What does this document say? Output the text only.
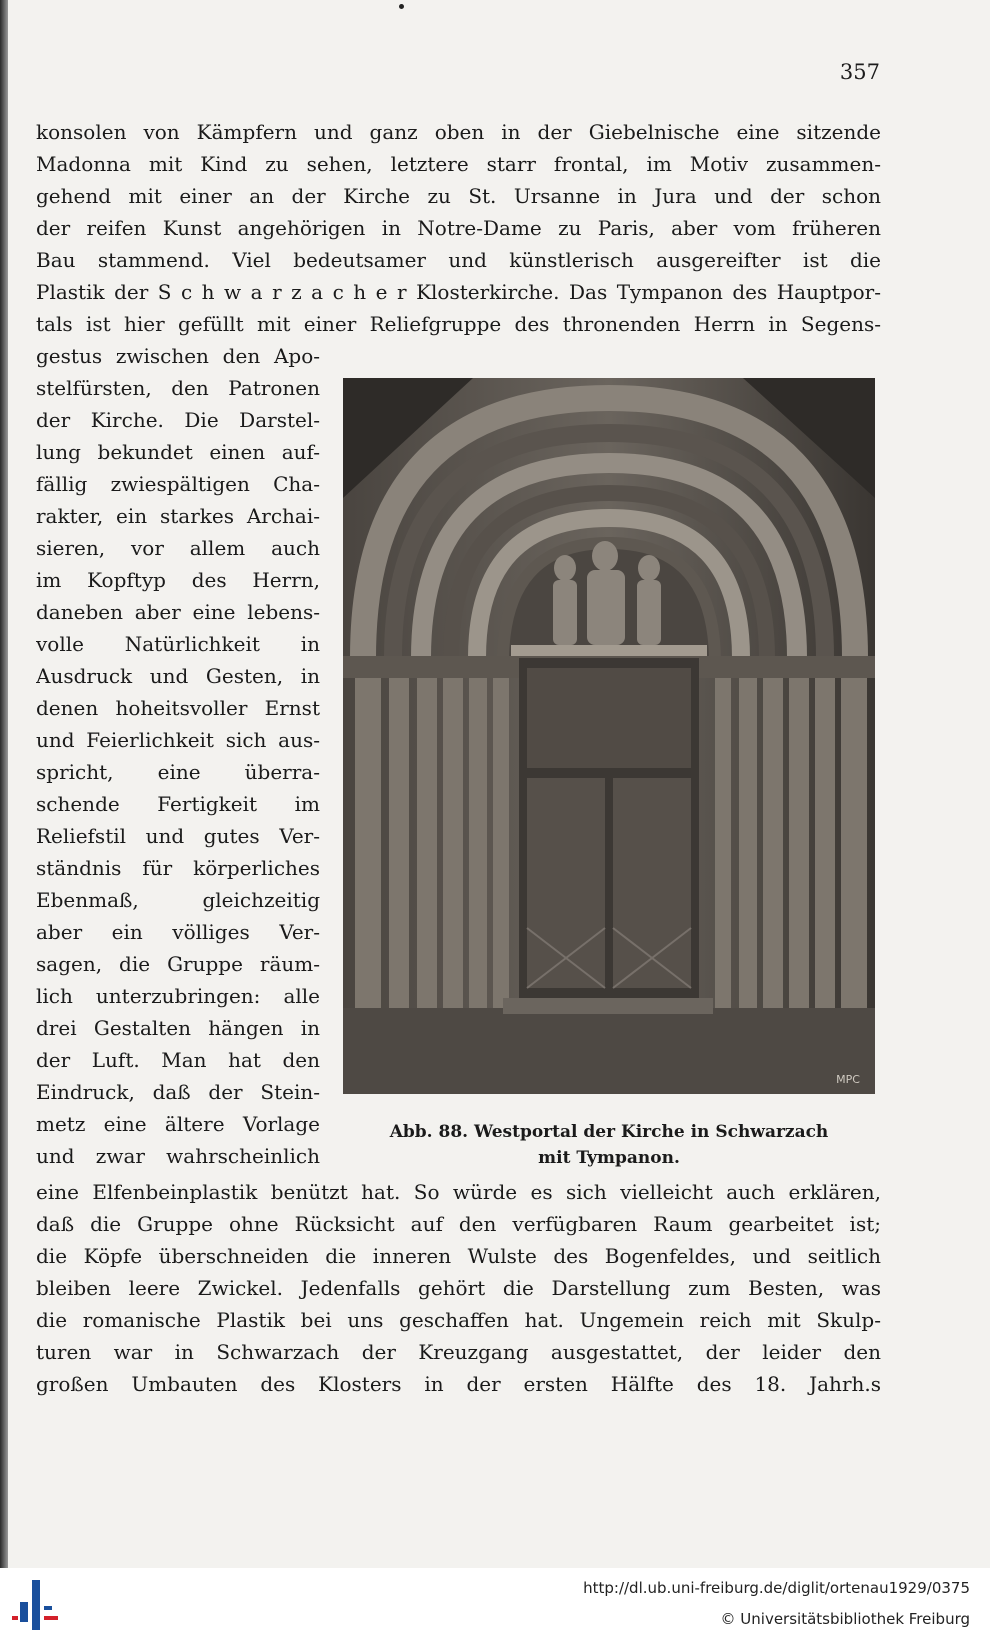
357
konsolen von Kämpfern und ganz oben in der Giebelnische eine sitzende
Madonna mit Kind zu sehen, letztere starr frontal, im Motiv zusammen-
gehend mit einer an der Kirche zu St. Ursanne in Jura und der schon
der reifen Kunst angehörigen in Notre-Dame zu Paris, aber vom früheren
Bau stammend. Viel bedeutsamer und künstlerisch ausgereifter ist die
Plastik der S c h w a r z a c h e r Klosterkirche. Das Tympanon des Hauptpor-
tals ist hier gefüllt mit einer Reliefgruppe des thronenden Herrn in Segens-
gestus zwischen den Apo-
stelfürsten, den Patronen
der Kirche. Die Darstel-
lung bekundet einen auf-
fällig zwiespältigen Cha-
rakter, ein starkes Archai-
sieren, vor allem auch
im Kopftyp des Herrn,
daneben aber eine lebens-
volle Natürlichkeit in
Ausdruck und Gesten, in
denen hoheitsvoller Ernst
und Feierlichkeit sich aus-
spricht, eine überra-
schende Fertigkeit im
Reliefstil und gutes Ver-
ständnis für körperliches
Ebenmaß, gleichzeitig
aber ein völliges Ver-
sagen, die Gruppe räum-
lich unterzubringen: alle
drei Gestalten hängen in
der Luft. Man hat den
Eindruck, daß der Stein-
metz eine ältere Vorlage
und zwar wahrscheinlich
eine Elfenbeinplastik benützt hat. So würde es sich vielleicht auch erklären,
daß die Gruppe ohne Rücksicht auf den verfügbaren Raum gearbeitet ist;
die Köpfe überschneiden die inneren Wulste des Bogenfeldes, und seitlich
bleiben leere Zwickel. Jedenfalls gehört die Darstellung zum Besten, was
die romanische Plastik bei uns geschaffen hat. Ungemein reich mit Skulp-
turen war in Schwarzach der Kreuzgang ausgestattet, der leider den
großen Umbauten des Klosters in der ersten Hälfte des 18. Jahrh.s
MPC
Abb. 88. Westportal der Kirche in Schwarzach
mit Tympanon.
http://dl.ub.uni-freiburg.de/diglit/ortenau1929/0375
© Universitätsbibliothek Freiburg
